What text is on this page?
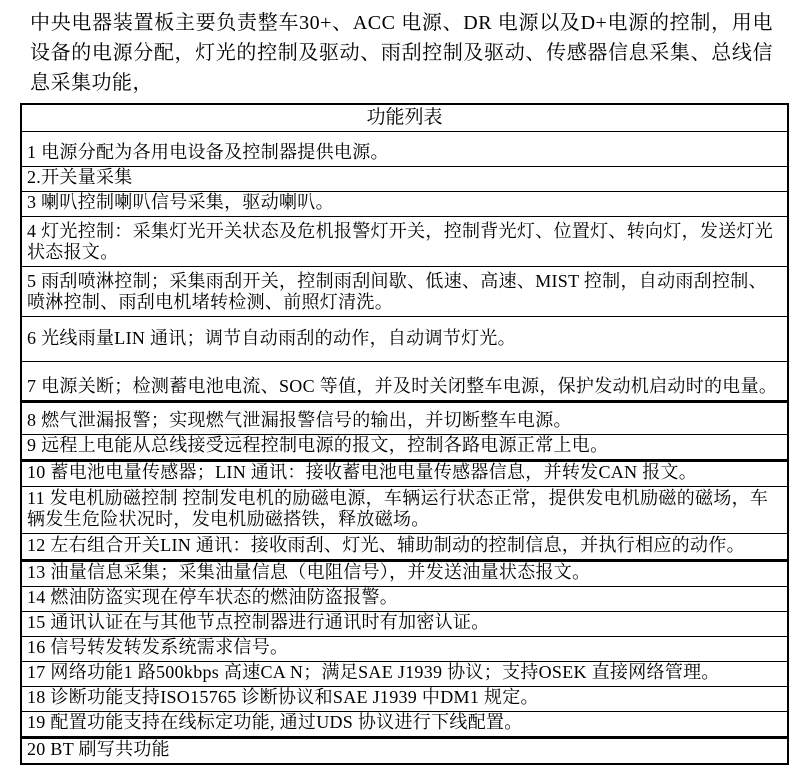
中央电器装置板主要负责整车30+、ACC 电源、DR 电源以及D+电源的控制，用电设备的电源分配，灯光的控制及驱动、雨刮控制及驱动、传感器信息采集、总线信息采集功能，
功能列表
1 电源分配为各用电设备及控制器提供电源。
2.开关量采集
3 喇叭控制喇叭信号采集，驱动喇叭。
4 灯光控制：采集灯光开关状态及危机报警灯开关，控制背光灯、位置灯、转向灯，发送灯光状态报文。
5 雨刮喷淋控制；采集雨刮开关，控制雨刮间歇、低速、高速、MIST 控制，自动雨刮控制、喷淋控制、雨刮电机堵转检测、前照灯清洗。
6 光线雨量LIN 通讯；调节自动雨刮的动作，自动调节灯光。
7 电源关断；检测蓄电池电流、SOC 等值，并及时关闭整车电源，保护发动机启动时的电量。
8 燃气泄漏报警；实现燃气泄漏报警信号的输出，并切断整车电源。
9 远程上电能从总线接受远程控制电源的报文，控制各路电源正常上电。
10 蓄电池电量传感器；LIN 通讯：接收蓄电池电量传感器信息，并转发CAN 报文。
11 发电机励磁控制 控制发电机的励磁电源，车辆运行状态正常，提供发电机励磁的磁场，车辆发生危险状况时，发电机励磁搭铁，释放磁场。
12 左右组合开关LIN 通讯：接收雨刮、灯光、辅助制动的控制信息，并执行相应的动作。
13 油量信息采集；采集油量信息（电阻信号），并发送油量状态报文。
14 燃油防盗实现在停车状态的燃油防盗报警。
15 通讯认证在与其他节点控制器进行通讯时有加密认证。
16 信号转发转发系统需求信号。
17 网络功能1 路500kbps 高速CA N；满足SAE J1939 协议；支持OSEK 直接网络管理。
18 诊断功能支持ISO15765 诊断协议和SAE J1939 中DM1 规定。
19 配置功能支持在线标定功能, 通过UDS 协议进行下线配置。
20 BT 刷写共功能
